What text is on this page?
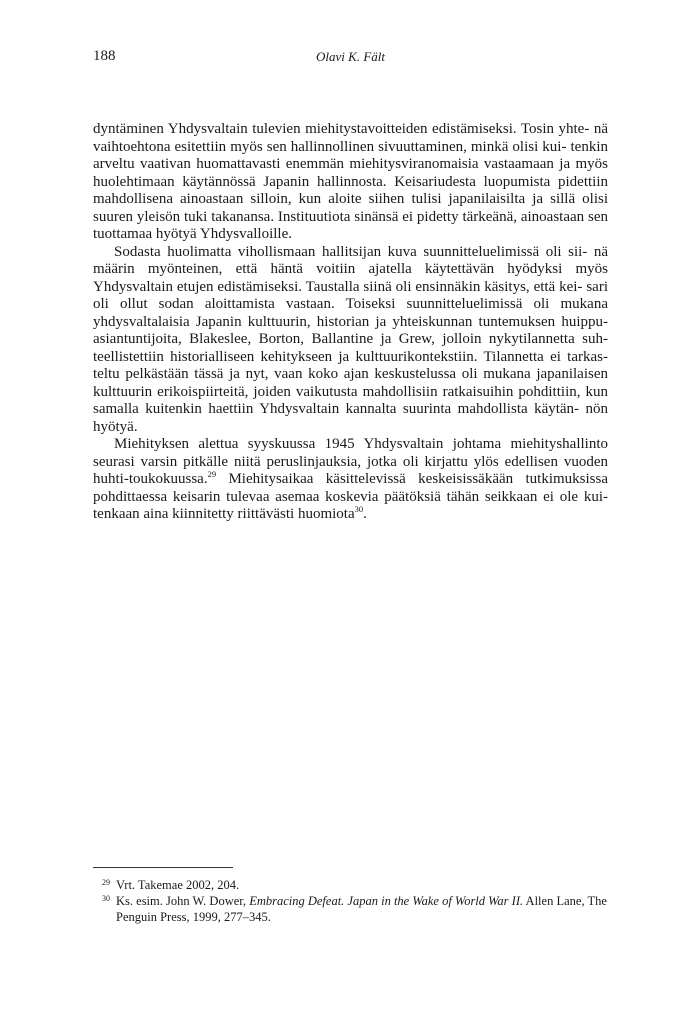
188	Olavi K. Fält

dyntäminen Yhdysvaltain tulevien miehitystavoitteiden edistämiseksi. Tosin yhte- nä vaihtoehtona esitettiin myös sen hallinnollinen sivuuttaminen, minkä olisi kui- tenkin arveltu vaativan huomattavasti enemmän miehitysviranomaisia vastaamaan ja myös huolehtimaan käytännössä Japanin hallinnosta. Keisariudesta luopumista pidettiin mahdollisena ainoastaan silloin, kun aloite siihen tulisi japanilaisilta ja sillä olisi suuren yleisön tuki takanansa. Instituutiota sinänsä ei pidetty tärkeänä, ainoastaan sen tuottamaa hyötyä Yhdysvalloille.

Sodasta huolimatta vihollismaan hallitsijan kuva suunnitteluelimissä oli sii- nä määrin myönteinen, että häntä voitiin ajatella käytettävän hyödyksi myös Yhdysvaltain etujen edistämiseksi. Taustalla siinä oli ensinnäkin käsitys, että kei- sari oli ollut sodan aloittamista vastaan. Toiseksi suunnitteluelimissä oli mukana yhdysvaltalaisia Japanin kulttuurin, historian ja yhteiskunnan tuntemuksen huippu- asiantuntijoita, Blakeslee, Borton, Ballantine ja Grew, jolloin nykytilannetta suh- teellistettiin historialliseen kehitykseen ja kulttuurikontekstiin. Tilannetta ei tarkas- teltu pelkästään tässä ja nyt, vaan koko ajan keskustelussa oli mukana japanilaisen kulttuurin erikoispiirteitä, joiden vaikutusta mahdollisiin ratkaisuihin pohdittiin, kun samalla kuitenkin haettiin Yhdysvaltain kannalta suurinta mahdollista käytän- nön hyötyä.

Miehityksen alettua syyskuussa 1945 Yhdysvaltain johtama miehityshallinto seurasi varsin pitkälle niitä peruslinjauksia, jotka oli kirjattu ylös edellisen vuoden huhti-toukokuussa.$^{29}$ Miehitysaikaa käsittelevissä keskeisissäkään tutkimuksissa pohdittaessa keisarin tulevaa asemaa koskevia päätöksiä tähän seikkaan ei ole kui- tenkaan aina kiinnitetty riittävästi huomiota$^{30}$.

29 Vrt. Takemae 2002, 204.

30 Ks. esim. John W. Dower, Embracing Defeat. Japan in the Wake of World War II. Allen Lane, The Penguin Press, 1999, 277–345.
